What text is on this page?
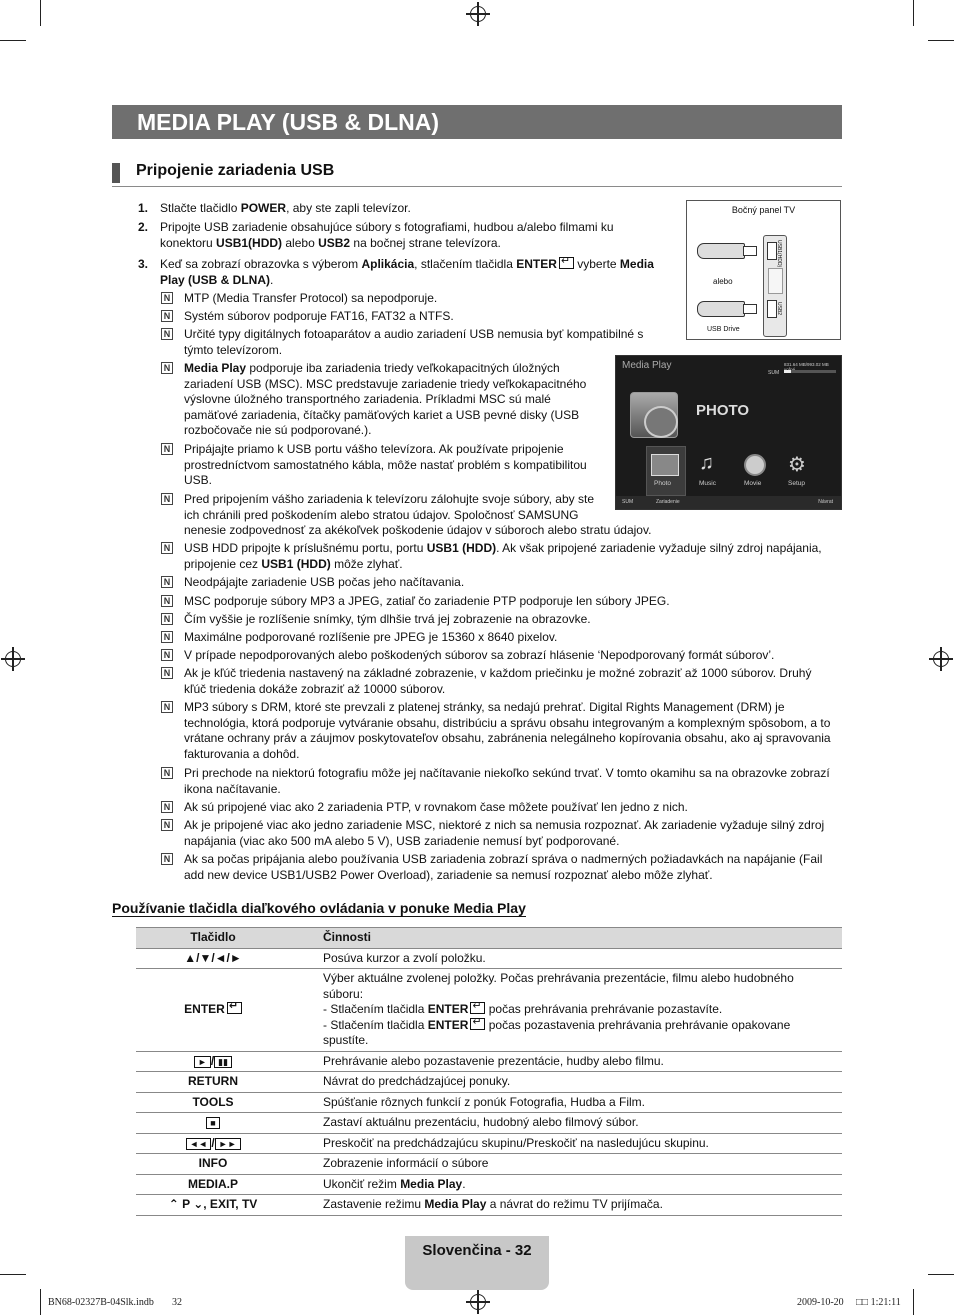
MEDIA PLAY (USB & DLNA)
Pripojenie zariadenia USB
1. Stlačte tlačidlo POWER, aby ste zapli televízor.
2. Pripojte USB zariadenie obsahujúce súbory s fotografiami, hudbou a/alebo filmami ku
konektoru USB1(HDD) alebo USB2 na bočnej strane televízora.
3. Keď sa zobrazí obrazovka s výberom Aplikácia, stlačením tlačidla ENTER↵ vyberte Media
Play (USB & DLNA).
N MTP (Media Transfer Protocol) sa nepodporuje.
N Systém súborov podporuje FAT16, FAT32 a NTFS.
N Určité typy digitálnych fotoaparátov a audio zariadení USB nemusia byť kompatibilné s
týmto televízorom.
N Media Play podporuje iba zariadenia triedy veľkokapacitných úložných
zariadení USB (MSC). MSC predstavuje zariadenie triedy veľkokapacitného
výslovne úložného transportného zariadenia. Príkladmi MSC sú malé
pamäťové zariadenia, čítačky pamäťových kariet a USB pevné disky (USB
rozbočovače nie sú podporované.).
N Pripájajte priamo k USB portu vášho televízora. Ak používate pripojenie
prostredníctvom samostatného kábla, môže nastať problém s kompatibilitou
USB.
N Pred pripojením vášho zariadenia k televízoru zálohujte svoje súbory, aby ste
ich chránili pred poškodením alebo stratou údajov. Spoločnosť SAMSUNG
nenesie zodpovednosť za akékoľvek poškodenie údajov v súboroch alebo stratu údajov.
N USB HDD pripojte k príslušnému portu, portu USB1 (HDD). Ak však pripojené zariadenie vyžaduje silný zdroj napájania,
pripojenie cez USB1 (HDD) môže zlyhať.
N Neodpájajte zariadenie USB počas jeho načítavania.
N MSC podporuje súbory MP3 a JPEG, zatiaľ čo zariadenie PTP podporuje len súbory JPEG.
N Čím vyššie je rozlíšenie snímky, tým dlhšie trvá jej zobrazenie na obrazovke.
N Maximálne podporované rozlíšenie pre JPEG je 15360 x 8640 pixelov.
N V prípade nepodporovaných alebo poškodených súborov sa zobrazí hlásenie ‘Nepodporovaný formát súborov’.
N Ak je kľúč triedenia nastavený na základné zobrazenie, v každom priečinku je možné zobraziť až 1000 súborov. Druhý
kľúč triedenia dokáže zobraziť až 10000 súborov.
N MP3 súbory s DRM, ktoré ste prevzali z platenej stránky, sa nedajú prehrať. Digital Rights Management (DRM) je
technológia, ktorá podporuje vytváranie obsahu, distribúciu a správu obsahu integrovaným a komplexným spôsobom, a to
vrátane ochrany práv a záujmov poskytovateľov obsahu, zabránenia nelegálneho kopírovania obsahu, ako aj spravovania
fakturovania a dohôd.
N Pri prechode na niektorú fotografiu môže jej načítavanie niekoľko sekúnd trvať. V tomto okamihu sa na obrazovke zobrazí
ikona načítavanie.
N Ak sú pripojené viac ako 2 zariadenia PTP, v rovnakom čase môžete používať len jedno z nich.
N Ak je pripojené viac ako jedno zariadenie MSC, niektoré z nich sa nemusia rozpoznať. Ak zariadenie vyžaduje silný zdroj
napájania (viac ako 500 mA alebo 5 V), USB zariadenie nemusí byť podporované.
N Ak sa počas pripájania alebo používania USB zariadenia zobrazí správa o nadmerných požiadavkách na napájanie (Fail
add new device USB1/USB2 Power Overload), zariadenie sa nemusí rozpoznať alebo môže zlyhať.
Bočný panel TV
alebo
USB Drive
USB1(HDD)
USB2
Media Play
SUM
831.64 MB/993.02 MB
PHOTO
♫	⚙
Photo	Music	Movie	Setup
SUM	Zariadenie	Návrat
Používanie tlačidla diaľkového ovládania v ponuke Media Play
Tlačidlo	Činnosti
▲/▼/◄/►	Posúva kurzor a zvolí položku.

ENTER↵	Výber aktuálne zvolenej položky. Počas prehrávania prezentácie, filmu alebo hudobného
súboru:
- Stlačením tlačidla ENTER↵ počas prehrávania prehrávanie pozastavíte.
- Stlačením tlačidla ENTER↵ počas pozastavenia prehrávania prehrávanie opakovane
spustíte.

► / ▮▮	Prehrávanie alebo pozastavenie prezentácie, hudby alebo filmu.

RETURN	Návrat do predchádzajúcej ponuky.

TOOLS	Spúšťanie rôznych funkcií z ponúk Fotografia, Hudba a Film.

■	Zastaví aktuálnu prezentáciu, hudobný alebo filmový súbor.

◄◄ / ►►	Preskočiť na predchádzajúcu skupinu/Preskočiť na nasledujúcu skupinu.

INFO	Zobrazenie informácií o súbore

MEDIA.P	Ukončiť režim Media Play.

⌃ P ⌄, EXIT, TV	Zastavenie režimu Media Play a návrat do režimu TV prijímača.
Slovenčina - 32
BN68-02327B-04Slk.indb 32	2009-10-20 □□ 1:21:11
